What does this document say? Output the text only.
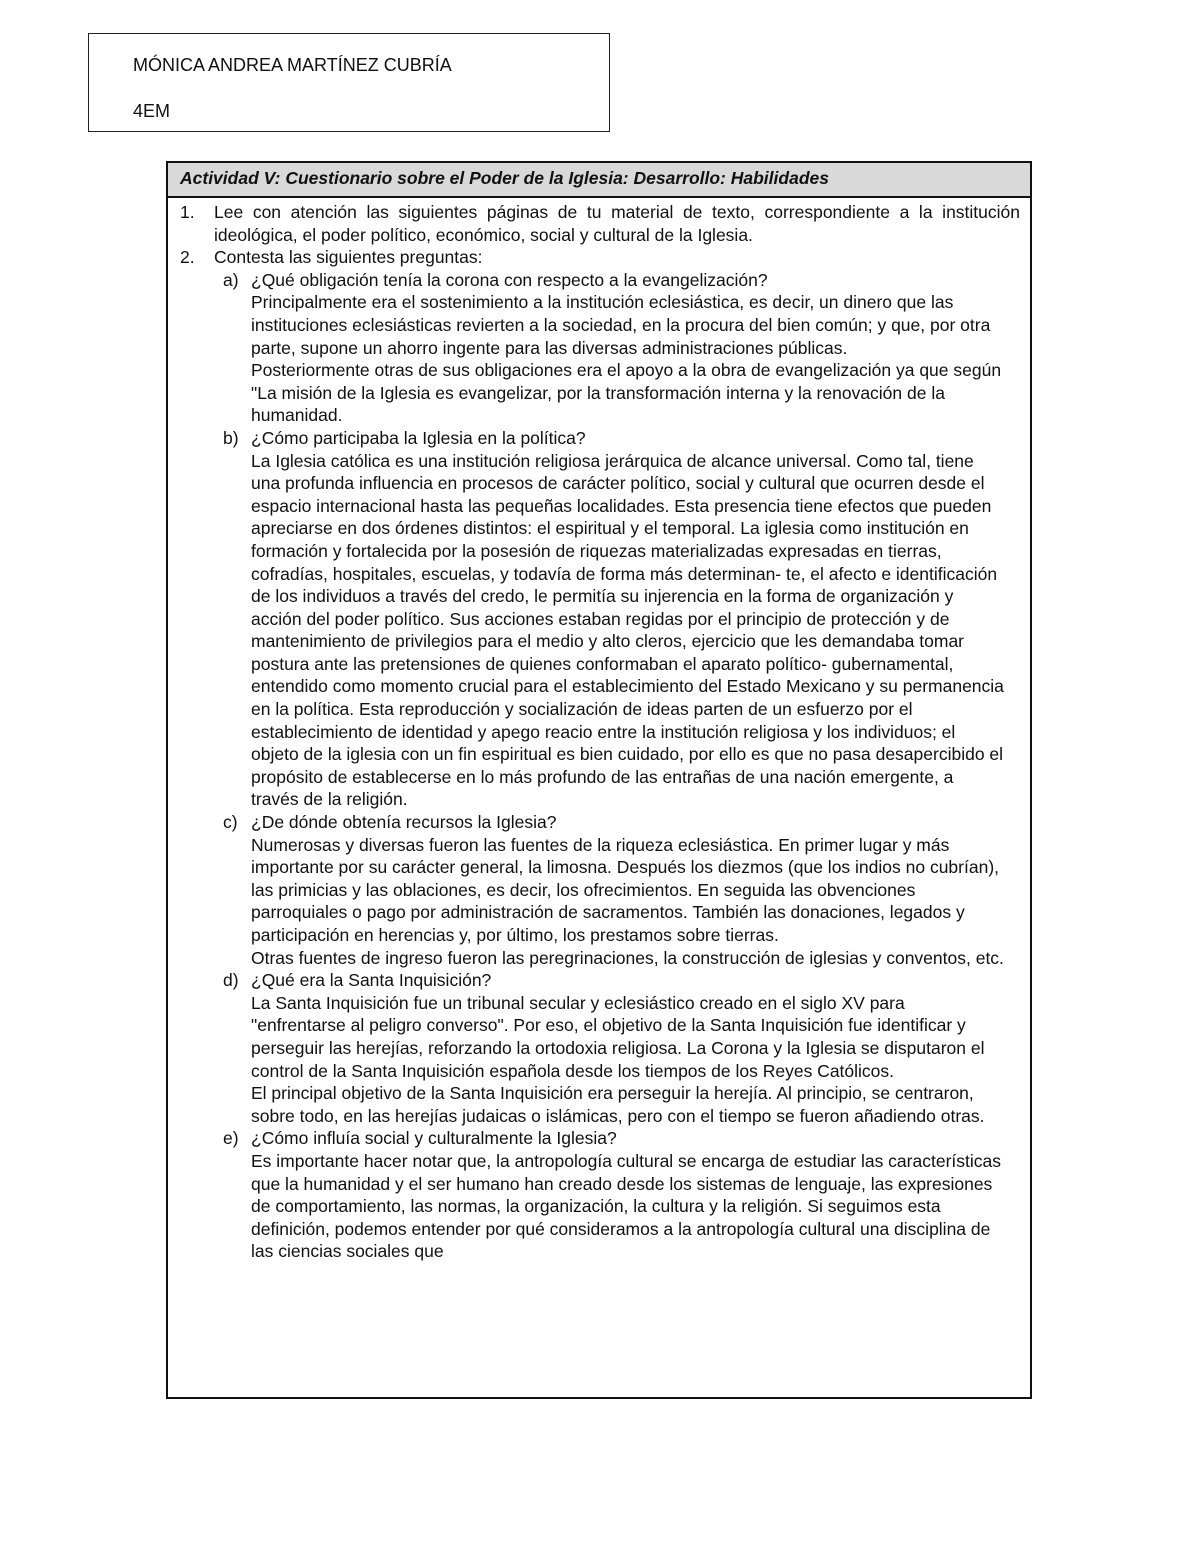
MÓNICA ANDREA MARTÍNEZ CUBRÍA
4EM
Actividad V: Cuestionario sobre el Poder de la Iglesia: Desarrollo: Habilidades
1.	Lee con atención las siguientes páginas de tu material de texto, correspondiente a la institución ideológica, el poder político, económico, social y cultural de la Iglesia.
2.	Contesta las siguientes preguntas:
a) ¿Qué obligación tenía la corona con respecto a la evangelización?
Principalmente era el sostenimiento a la institución eclesiástica, es decir, un dinero que las instituciones eclesiásticas revierten a la sociedad, en la procura del bien común; y que, por otra parte, supone un ahorro ingente para las diversas administraciones públicas.
Posteriormente otras de sus obligaciones era el apoyo a la obra de evangelización ya que según "La misión de la Iglesia es evangelizar, por la transformación interna y la renovación de la humanidad.
b) ¿Cómo participaba la Iglesia en la política?
La Iglesia católica es una institución religiosa jerárquica de alcance universal. Como tal, tiene una profunda influencia en procesos de carácter político, social y cultural que ocurren desde el espacio internacional hasta las pequeñas localidades. Esta presencia tiene efectos que pueden apreciarse en dos órdenes distintos: el espiritual y el temporal. La iglesia como institución en formación y fortalecida por la posesión de riquezas materializadas expresadas en tierras, cofradías, hospitales, escuelas, y todavía de forma más determinan- te, el afecto e identificación de los individuos a través del credo, le permitía su injerencia en la forma de organización y acción del poder político. Sus acciones estaban regidas por el principio de protección y de mantenimiento de privilegios para el medio y alto cleros, ejercicio que les demandaba tomar postura ante las pretensiones de quienes conformaban el aparato político- gubernamental, entendido como momento crucial para el establecimiento del Estado Mexicano y su permanencia en la política. Esta reproducción y socialización de ideas parten de un esfuerzo por el establecimiento de identidad y apego reacio entre la institución religiosa y los individuos; el objeto de la iglesia con un fin espiritual es bien cuidado, por ello es que no pasa desapercibido el propósito de establecerse en lo más profundo de las entrañas de una nación emergente, a través de la religión.
c) ¿De dónde obtenía recursos la Iglesia?
Numerosas y diversas fueron las fuentes de la riqueza eclesiástica. En primer lugar y más importante por su carácter general, la limosna. Después los diezmos (que los indios no cubrían), las primicias y las oblaciones, es decir, los ofrecimientos. En seguida las obvenciones parroquiales o pago por administración de sacramentos. También las donaciones, legados y participación en herencias y, por último, los prestamos sobre tierras.
Otras fuentes de ingreso fueron las peregrinaciones, la construcción de iglesias y conventos, etc.
d) ¿Qué era la Santa Inquisición?
La Santa Inquisición fue un tribunal secular y eclesiástico creado en el siglo XV para "enfrentarse al peligro converso". Por eso, el objetivo de la Santa Inquisición fue identificar y perseguir las herejías, reforzando la ortodoxia religiosa. La Corona y la Iglesia se disputaron el control de la Santa Inquisición española desde los tiempos de los Reyes Católicos.
El principal objetivo de la Santa Inquisición era perseguir la herejía. Al principio, se centraron, sobre todo, en las herejías judaicas o islámicas, pero con el tiempo se fueron añadiendo otras.
e) ¿Cómo influía social y culturalmente la Iglesia?
Es importante hacer notar que, la antropología cultural se encarga de estudiar las características que la humanidad y el ser humano han creado desde los sistemas de lenguaje, las expresiones de comportamiento, las normas, la organización, la cultura y la religión. Si seguimos esta definición, podemos entender por qué consideramos a la antropología cultural una disciplina de las ciencias sociales que
